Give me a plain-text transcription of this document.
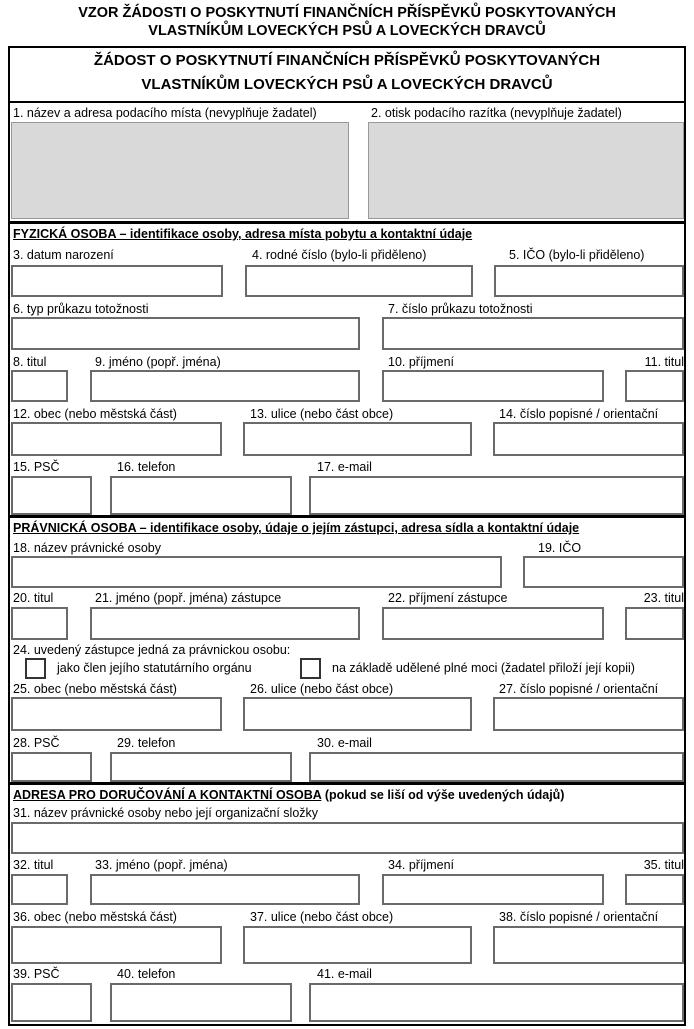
VZOR ŽÁDOSTI O POSKYTNUTÍ FINANČNÍCH PŘÍSPĚVKŮ POSKYTOVANÝCH
VLASTNÍKŮM LOVECKÝCH PSŮ A LOVECKÝCH DRAVCŮ
ŽÁDOST O POSKYTNUTÍ FINANČNÍCH PŘÍSPĚVKŮ POSKYTOVANÝCH
VLASTNÍKŮM LOVECKÝCH PSŮ A LOVECKÝCH DRAVCŮ
1. název a adresa podacího místa (nevyplňuje žadatel)	2. otisk podacího razítka (nevyplňuje žadatel)
FYZICKÁ OSOBA – identifikace osoby, adresa místa pobytu a kontaktní údaje
3. datum narození	4. rodné číslo (bylo-li přiděleno)	5. IČO (bylo-li přiděleno)
6. typ průkazu totožnosti	7. číslo průkazu totožnosti
8. titul	9. jméno (popř. jména)	10. příjmení	11. titul
12. obec (nebo městská část)	13. ulice (nebo část obce)	14. číslo popisné / orientační
15. PSČ	16. telefon	17. e-mail
PRÁVNICKÁ OSOBA – identifikace osoby, údaje o jejím zástupci, adresa sídla a kontaktní údaje
18. název právnické osoby	19. IČO
20. titul	21. jméno (popř. jména) zástupce	22. příjmení zástupce	23. titul
24. uvedený zástupce jedná za právnickou osobu:
jako člen jejího statutárního orgánu	na základě udělené plné moci (žadatel přiloží její kopii)
25. obec (nebo městská část)	26. ulice (nebo část obce)	27. číslo popisné / orientační
28. PSČ	29. telefon	30. e-mail
ADRESA PRO DORUČOVÁNÍ A KONTAKTNÍ OSOBA (pokud se liší od výše uvedených údajů)
31. název právnické osoby nebo její organizační složky
32. titul	33. jméno (popř. jména)	34. příjmení	35. titul
36. obec (nebo městská část)	37. ulice (nebo část obce)	38. číslo popisné / orientační
39. PSČ	40. telefon	41. e-mail
